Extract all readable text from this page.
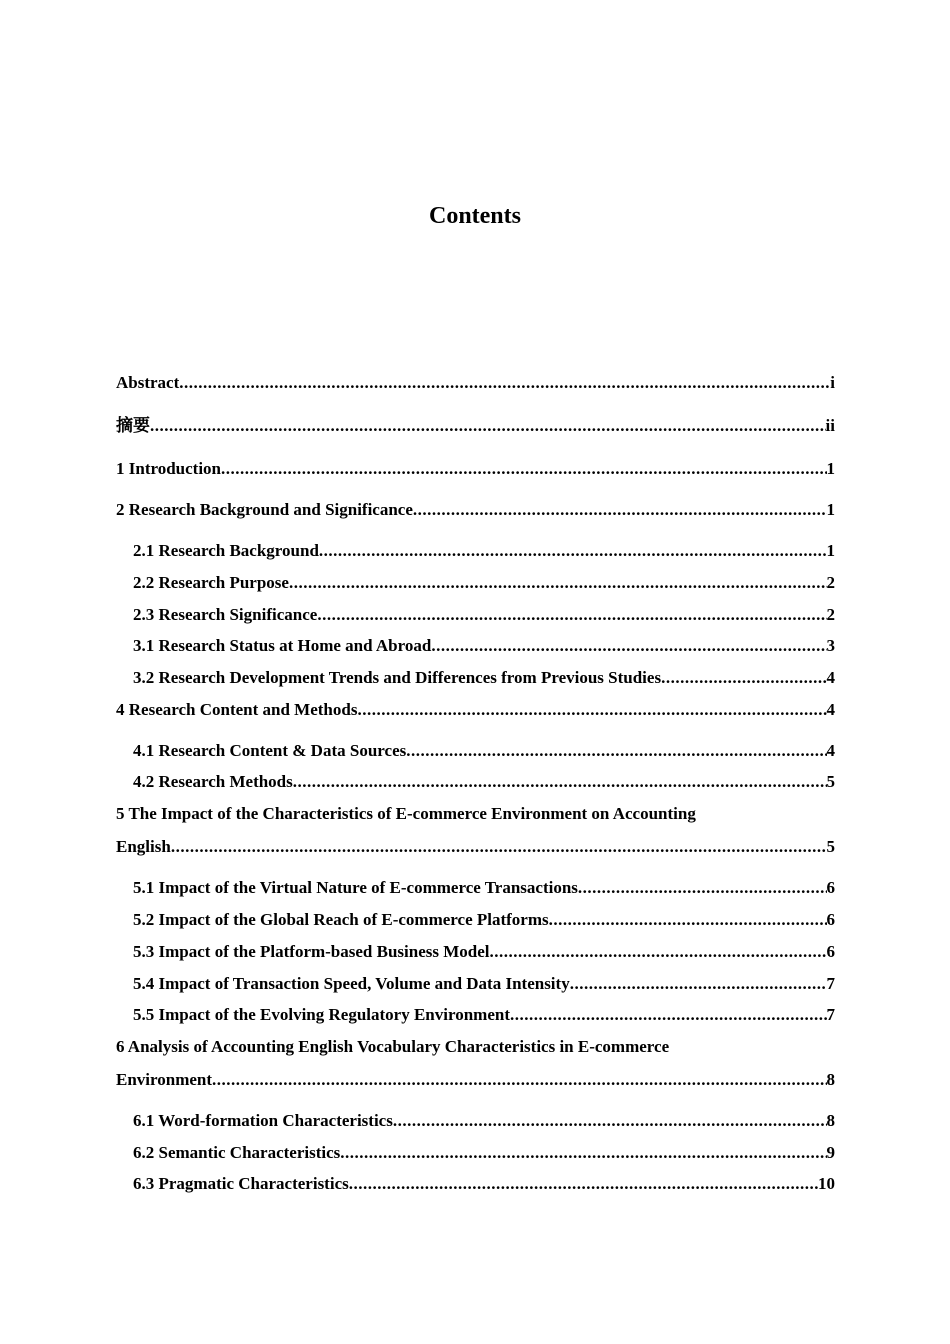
Contents
Abstract .....	i
摘要 .....	ii
1 Introduction .....	1
2 Research Background and Significance .....	1
2.1 Research Background .....	1
2.2 Research Purpose .....	2
2.3 Research Significance .....	2
3.1 Research Status at Home and Abroad .....	3
3.2 Research Development Trends and Differences from Previous Studies .....	4
4 Research Content and Methods .....	4
4.1 Research Content & Data Sources .....	4
4.2 Research Methods .....	5
5 The Impact of the Characteristics of E-commerce Environment on Accounting
English .....	5
5.1 Impact of the Virtual Nature of E-commerce Transactions .....	6
5.2 Impact of the Global Reach of E-commerce Platforms .....	6
5.3 Impact of the Platform-based Business Model .....	6
5.4 Impact of Transaction Speed, Volume and Data Intensity .....	7
5.5 Impact of the Evolving Regulatory Environment .....	7
6 Analysis of Accounting English Vocabulary Characteristics in E-commerce
Environment .....	8
6.1 Word-formation Characteristics .....	8
6.2 Semantic Characteristics .....	9
6.3 Pragmatic Characteristics .....	10
